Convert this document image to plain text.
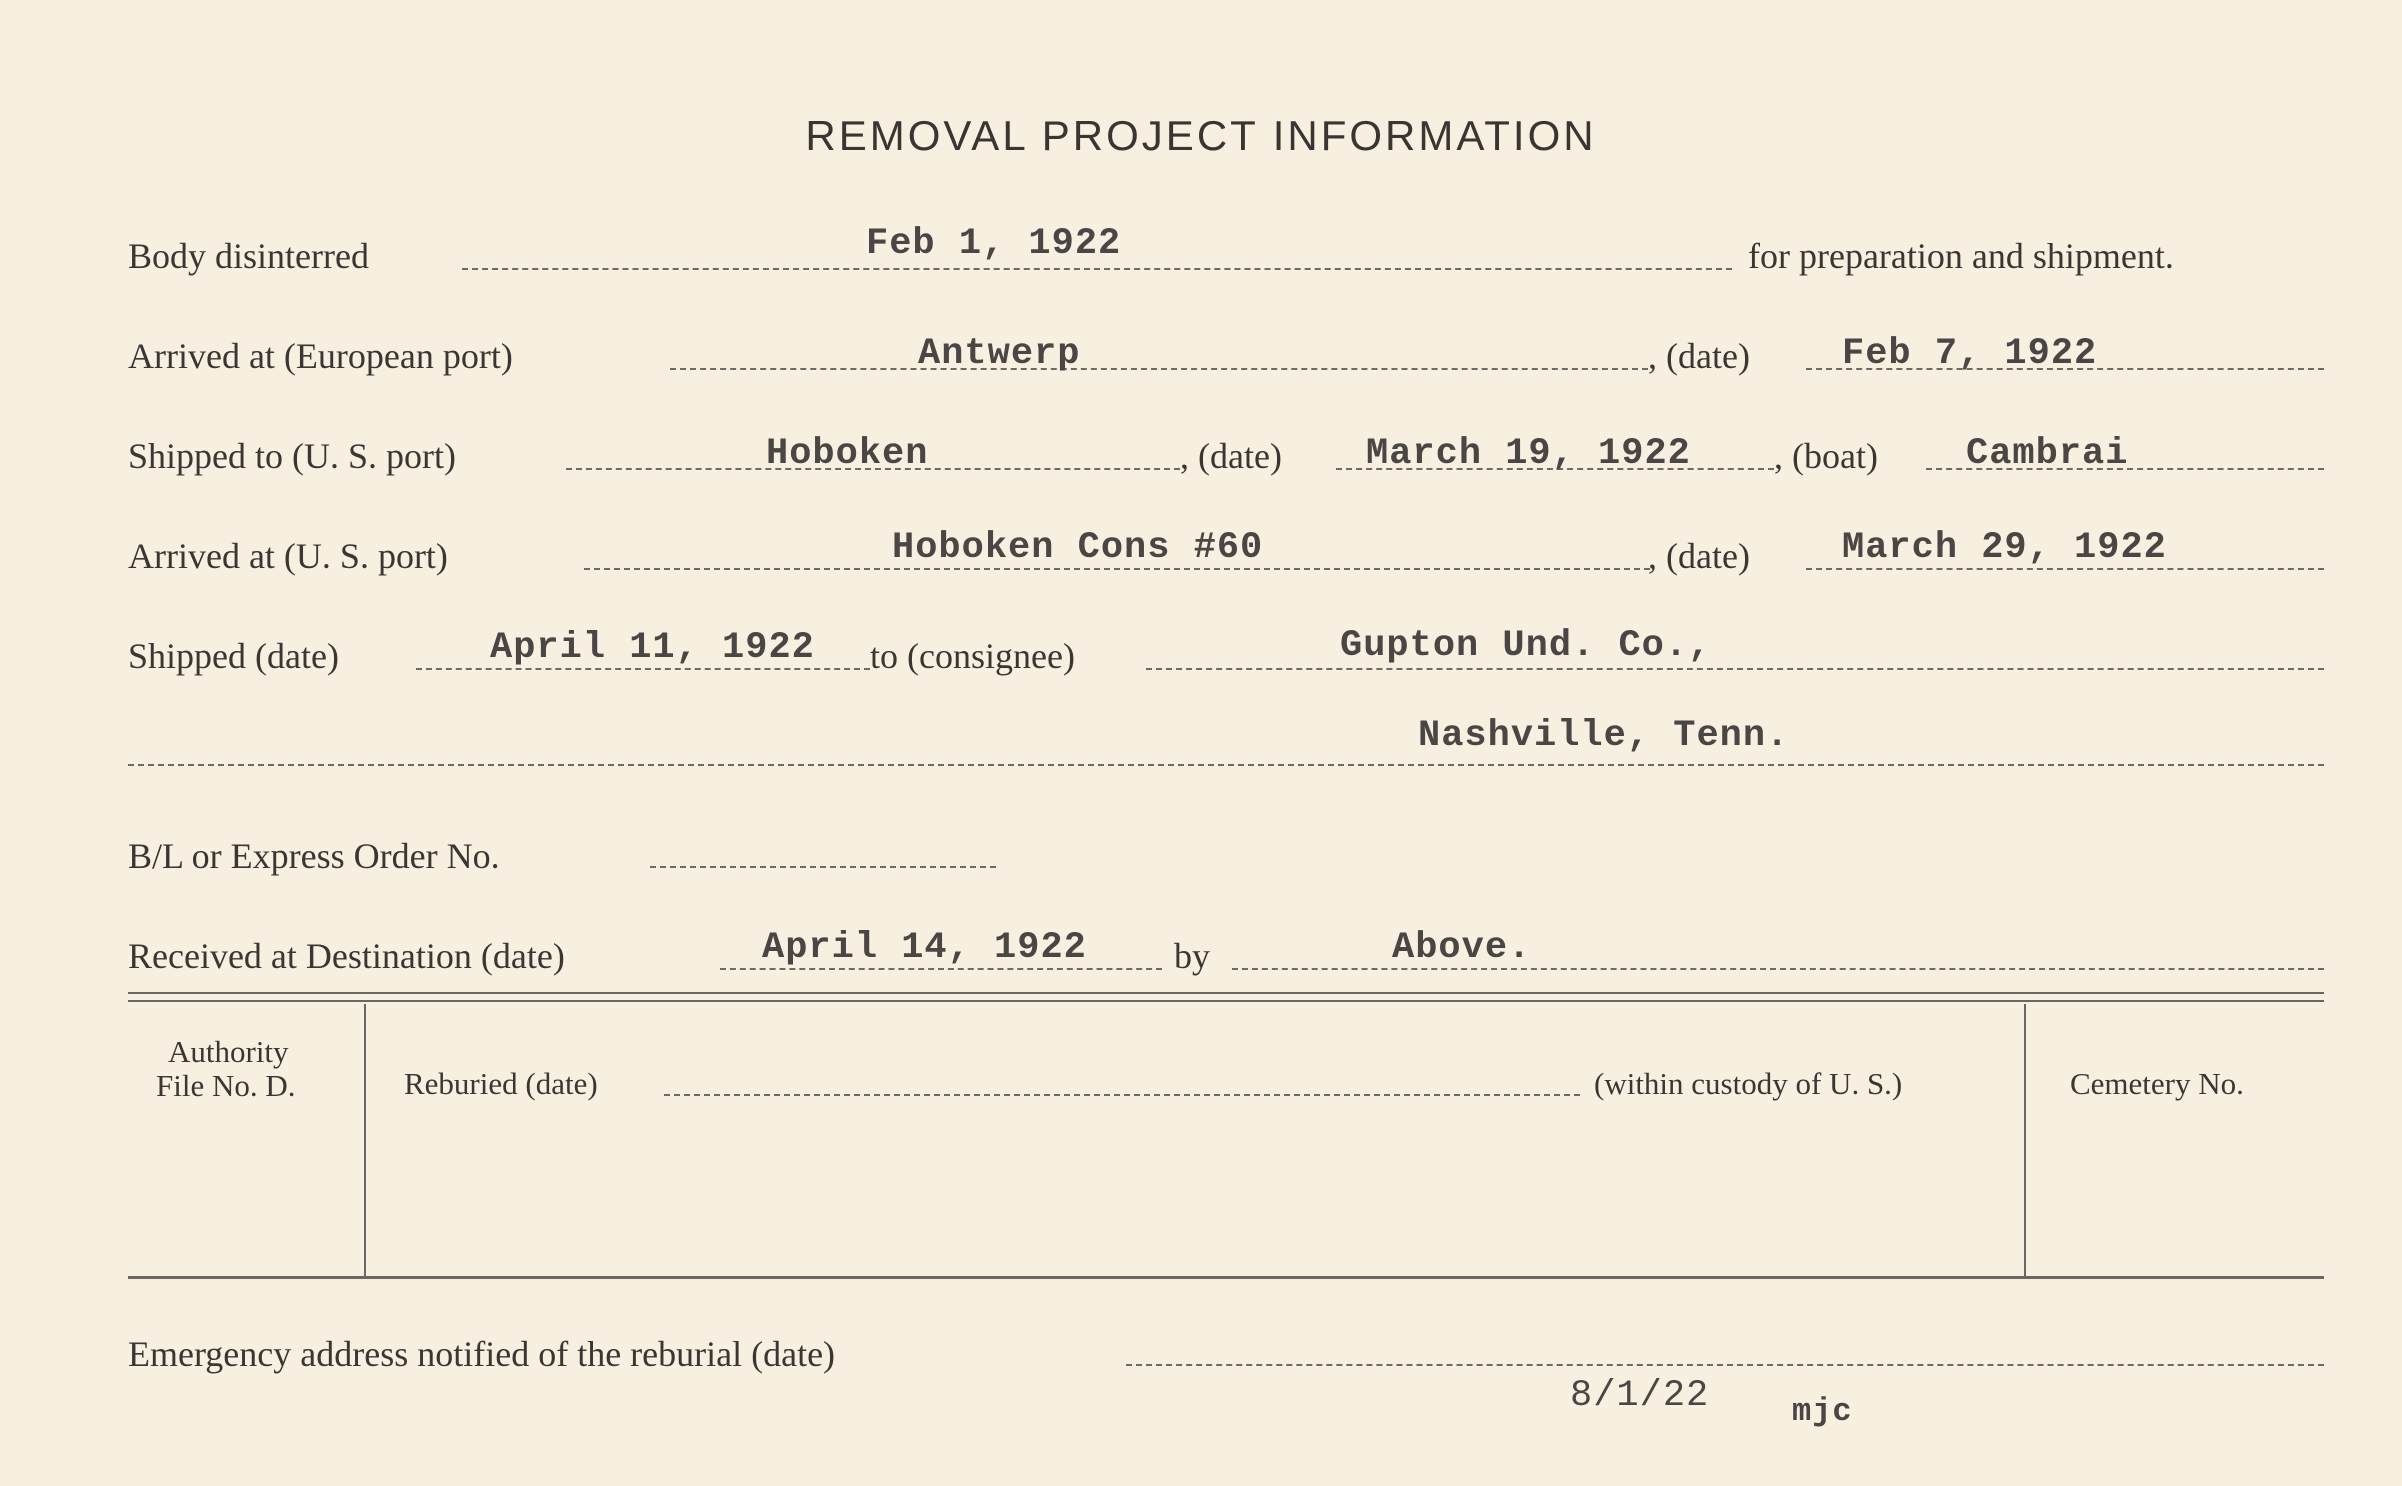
REMOVAL PROJECT INFORMATION
Body disinterred	Feb 1, 1922	for preparation and shipment.
Arrived at (European port)	Antwerp	, (date) Feb 7, 1922
Shipped to (U. S. port)	Hoboken	, (date) March 19, 1922 , (boat) Cambrai
Arrived at (U. S. port)	Hoboken Cons #60	, (date) March 29, 1922
Shipped (date)	April 11, 1922 to (consignee)	Gupton Und. Co.,
Nashville, Tenn.
B/L or Express Order No.
Received at Destination (date)	April 14, 1922 by	Above.
Authority
File No. D.	Reburied (date)	(within custody of U. S.)	Cemetery No.
Emergency address notified of the reburial (date)
8/1/22	mjc
